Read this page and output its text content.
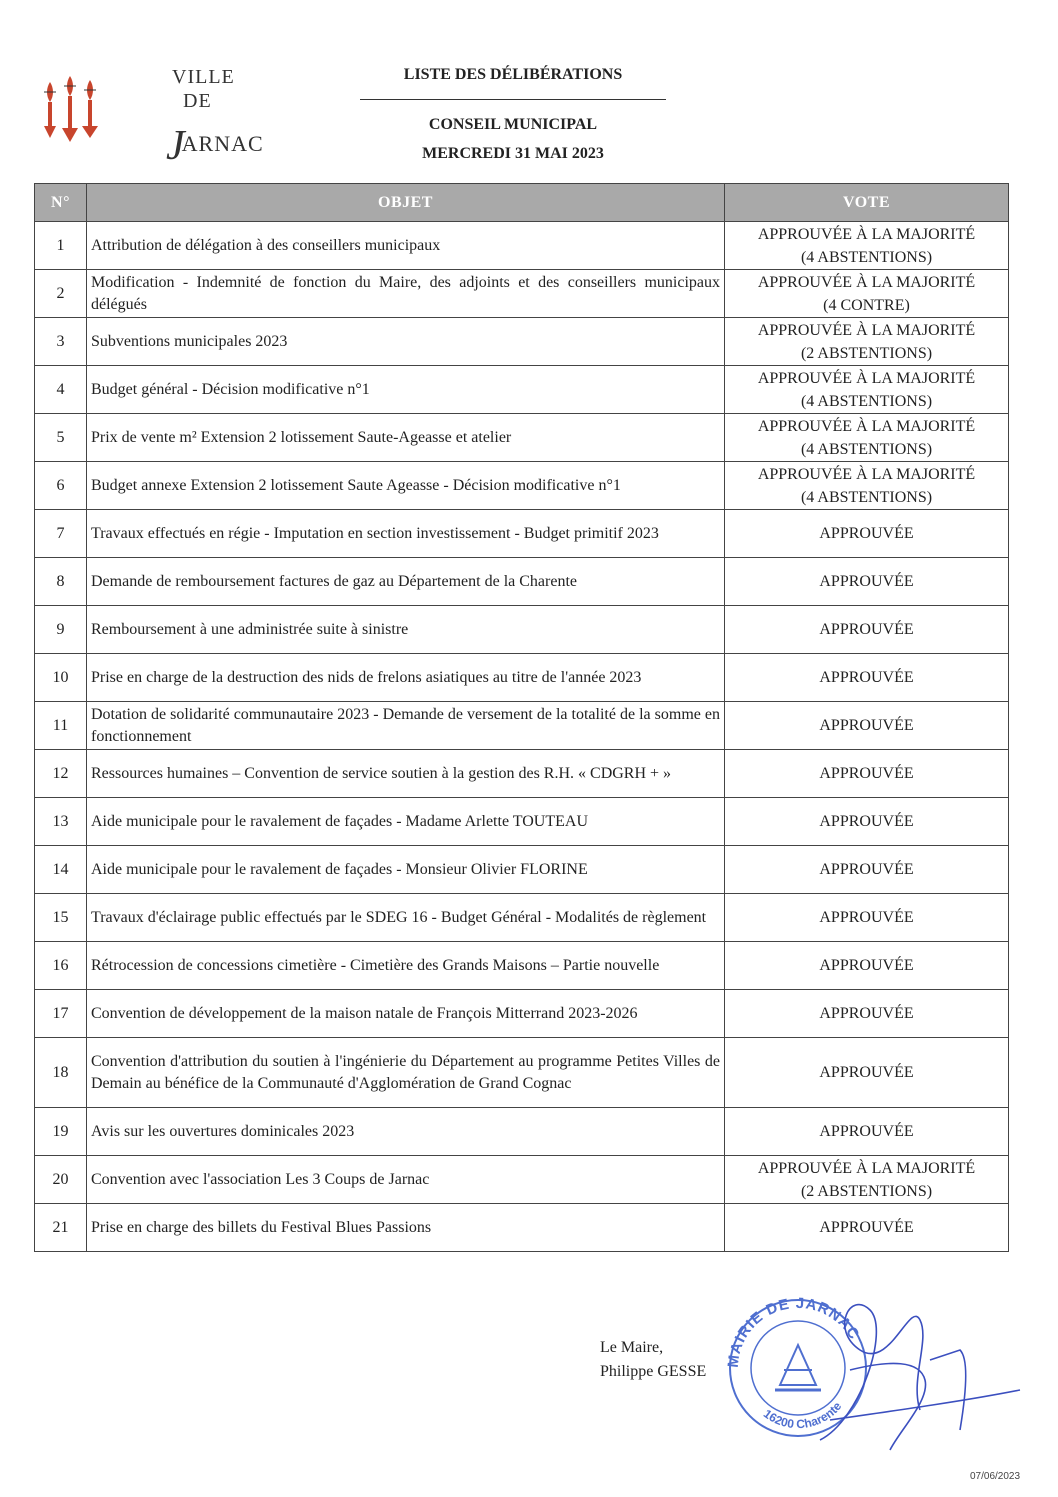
VILLE
DE
JARNAC
LISTE DES DÉLIBÉRATIONS
CONSEIL MUNICIPAL
MERCREDI 31 MAI 2023
N°	OBJET	VOTE
1	Attribution de délégation à des conseillers municipaux	APPROUVÉE À LA MAJORITÉ
(4 ABSTENTIONS)

2	Modification - Indemnité de fonction du Maire, des adjoints et des conseillers municipaux délégués	APPROUVÉE À LA MAJORITÉ
(4 CONTRE)

3	Subventions municipales 2023	APPROUVÉE À LA MAJORITÉ
(2 ABSTENTIONS)

4	Budget général - Décision modificative n°1	APPROUVÉE À LA MAJORITÉ
(4 ABSTENTIONS)

5	Prix de vente m² Extension 2 lotissement Saute-Ageasse et atelier	APPROUVÉE À LA MAJORITÉ
(4 ABSTENTIONS)

6	Budget annexe Extension 2 lotissement Saute Ageasse - Décision modificative n°1	APPROUVÉE À LA MAJORITÉ
(4 ABSTENTIONS)

7	Travaux effectués en régie - Imputation en section investissement - Budget primitif 2023	APPROUVÉE

8	Demande de remboursement factures de gaz au Département de la Charente	APPROUVÉE

9	Remboursement à une administrée suite à sinistre	APPROUVÉE

10	Prise en charge de la destruction des nids de frelons asiatiques au titre de l'année 2023	APPROUVÉE

11	Dotation de solidarité communautaire 2023 - Demande de versement de la totalité de la somme en fonctionnement	APPROUVÉE

12	Ressources humaines – Convention de service soutien à la gestion des R.H. « CDGRH + »	APPROUVÉE

13	Aide municipale pour le ravalement de façades - Madame Arlette TOUTEAU	APPROUVÉE

14	Aide municipale pour le ravalement de façades - Monsieur Olivier FLORINE	APPROUVÉE

15	Travaux d'éclairage public effectués par le SDEG 16 - Budget Général - Modalités de règlement	APPROUVÉE

16	Rétrocession de concessions cimetière - Cimetière des Grands Maisons – Partie nouvelle	APPROUVÉE

17	Convention de développement de la maison natale de François Mitterrand 2023-2026	APPROUVÉE

18	Convention d'attribution du soutien à l'ingénierie du Département au programme Petites Villes de Demain au bénéfice de la Communauté d'Agglomération de Grand Cognac	APPROUVÉE

19	Avis sur les ouvertures dominicales 2023	APPROUVÉE

20	Convention avec l'association Les 3 Coups de Jarnac	APPROUVÉE À LA MAJORITÉ
(2 ABSTENTIONS)

21	Prise en charge des billets du Festival Blues Passions	APPROUVÉE
Le Maire,
Philippe GESSE
MAIRIE DE JARNAC
16200 Charente
07/06/2023
